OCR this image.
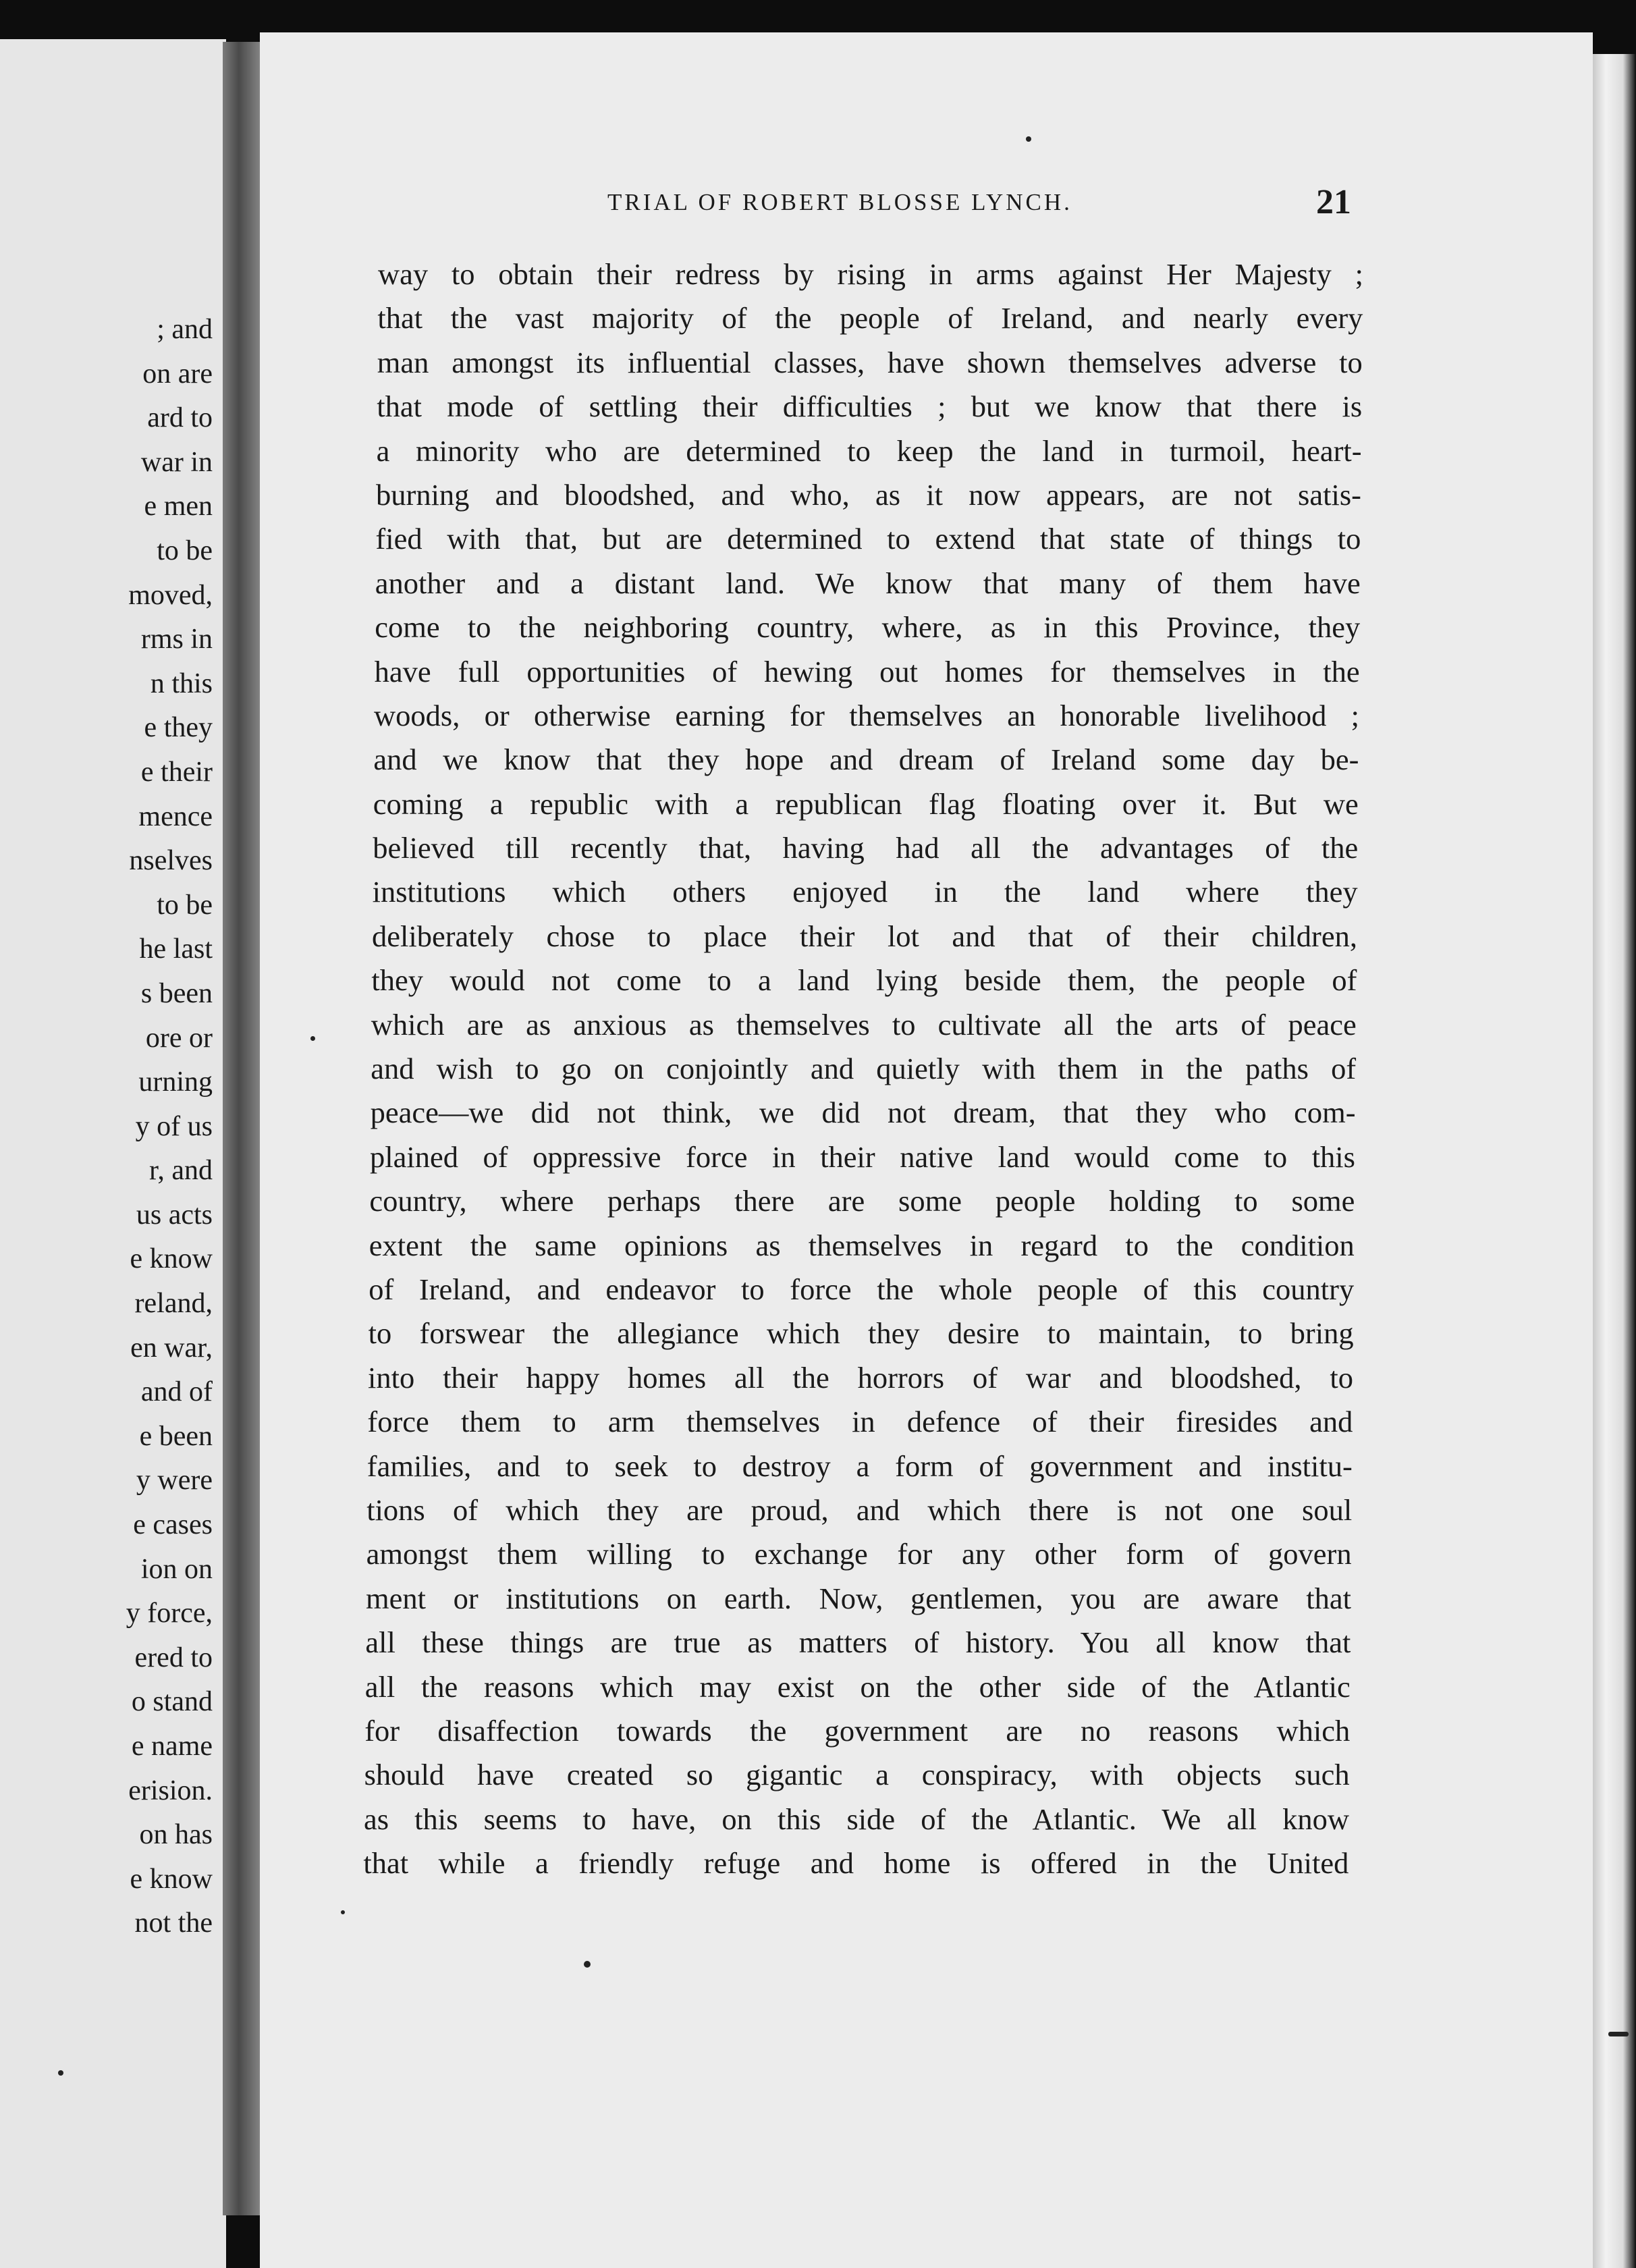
; and
on are
ard to
war in
e men
to be
moved,
rms in
n this
e they
e their
mence
nselves
to be
he last
s been
ore or
urning
y of us
r, and
us acts
e know
reland,
en war,
and of
e been
y were
e cases
ion on
y force,
ered to
o stand
e name
erision.
on has
e know
not the
TRIAL OF ROBERT BLOSSE LYNCH.	21
way to obtain their redress by rising in arms against Her Majesty ;
that the vast majority of the people of Ireland, and nearly every
man amongst its influential classes, have shown themselves adverse to
that mode of settling their difficulties ; but we know that there is
a minority who are determined to keep the land in turmoil, heart-
burning and bloodshed, and who, as it now appears, are not satis-
fied with that, but are determined to extend that state of things to
another and a distant land. We know that many of them have
come to the neighboring country, where, as in this Province, they
have full opportunities of hewing out homes for themselves in the
woods, or otherwise earning for themselves an honorable livelihood ;
and we know that they hope and dream of Ireland some day be-
coming a republic with a republican flag floating over it. But we
believed till recently that, having had all the advantages of the
institutions which others enjoyed in the land where they
deliberately chose to place their lot and that of their children,
they would not come to a land lying beside them, the people of
which are as anxious as themselves to cultivate all the arts of peace
and wish to go on conjointly and quietly with them in the paths of
peace—we did not think, we did not dream, that they who com-
plained of oppressive force in their native land would come to this
country, where perhaps there are some people holding to some
extent the same opinions as themselves in regard to the condition
of Ireland, and endeavor to force the whole people of this country
to forswear the allegiance which they desire to maintain, to bring
into their happy homes all the horrors of war and bloodshed, to
force them to arm themselves in defence of their firesides and
families, and to seek to destroy a form of government and institu-
tions of which they are proud, and which there is not one soul
amongst them willing to exchange for any other form of govern
ment or institutions on earth. Now, gentlemen, you are aware that
all these things are true as matters of history. You all know that
all the reasons which may exist on the other side of the Atlantic
for disaffection towards the government are no reasons which
should have created so gigantic a conspiracy, with objects such
as this seems to have, on this side of the Atlantic. We all know
that while a friendly refuge and home is offered in the United
